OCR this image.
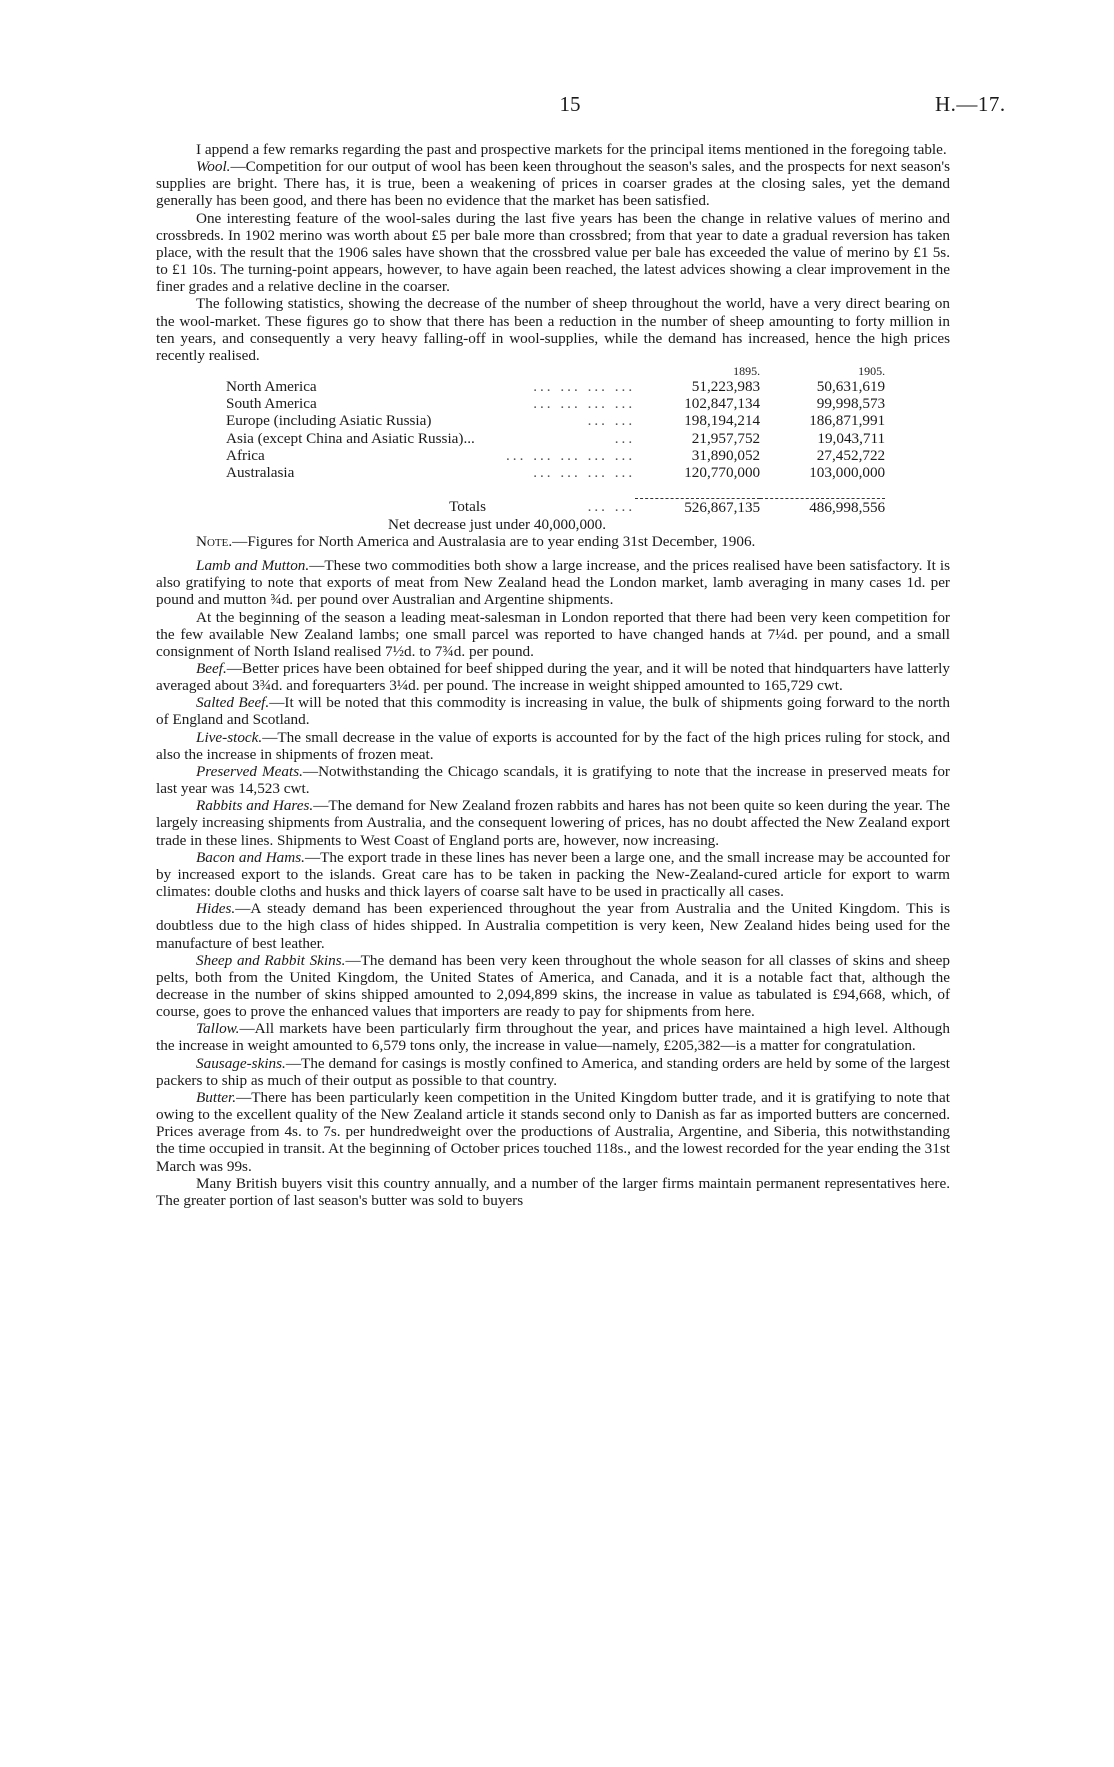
15	H.—17.

I append a few remarks regarding the past and prospective markets for the principal items mentioned in the foregoing table.

Wool.—Competition for our output of wool has been keen throughout the season's sales, and the prospects for next season's supplies are bright. There has, it is true, been a weakening of prices in coarser grades at the closing sales, yet the demand generally has been good, and there has been no evidence that the market has been satisfied.

One interesting feature of the wool-sales during the last five years has been the change in relative values of merino and crossbreds. In 1902 merino was worth about £5 per bale more than crossbred; from that year to date a gradual reversion has taken place, with the result that the 1906 sales have shown that the crossbred value per bale has exceeded the value of merino by £1 5s. to £1 10s. The turning-point appears, however, to have again been reached, the latest advices showing a clear improvement in the finer grades and a relative decline in the coarser.

The following statistics, showing the decrease of the number of sheep throughout the world, have a very direct bearing on the wool-market. These figures go to show that there has been a reduction in the number of sheep amounting to forty million in ten years, and consequently a very heavy falling-off in wool-supplies, while the demand has increased, hence the high prices recently realised.

		1895.	1905.
North America	... ... ... ...	51,223,983	50,631,619
South America	... ... ... ...	102,847,134	99,998,573
Europe (including Asiatic Russia)	... ...	198,194,214	186,871,991
Asia (except China and Asiatic Russia)...	...	21,957,752	19,043,711
Africa	... ... ... ... ...	31,890,052	27,452,722
Australasia	... ... ... ...	120,770,000	103,000,000

Totals	... ...	526,867,135	486,998,556

Net decrease just under 40,000,000.

Note.—Figures for North America and Australasia are to year ending 31st December, 1906.

Lamb and Mutton.—These two commodities both show a large increase, and the prices realised have been satisfactory. It is also gratifying to note that exports of meat from New Zealand head the London market, lamb averaging in many cases 1d. per pound and mutton ¾d. per pound over Australian and Argentine shipments.

At the beginning of the season a leading meat-salesman in London reported that there had been very keen competition for the few available New Zealand lambs; one small parcel was reported to have changed hands at 7¼d. per pound, and a small consignment of North Island realised 7½d. to 7¾d. per pound.

Beef.—Better prices have been obtained for beef shipped during the year, and it will be noted that hindquarters have latterly averaged about 3¾d. and forequarters 3¼d. per pound. The increase in weight shipped amounted to 165,729 cwt.

Salted Beef.—It will be noted that this commodity is increasing in value, the bulk of shipments going forward to the north of England and Scotland.

Live-stock.—The small decrease in the value of exports is accounted for by the fact of the high prices ruling for stock, and also the increase in shipments of frozen meat.

Preserved Meats.—Notwithstanding the Chicago scandals, it is gratifying to note that the increase in preserved meats for last year was 14,523 cwt.

Rabbits and Hares.—The demand for New Zealand frozen rabbits and hares has not been quite so keen during the year. The largely increasing shipments from Australia, and the consequent lowering of prices, has no doubt affected the New Zealand export trade in these lines. Shipments to West Coast of England ports are, however, now increasing.

Bacon and Hams.—The export trade in these lines has never been a large one, and the small increase may be accounted for by increased export to the islands. Great care has to be taken in packing the New-Zealand-cured article for export to warm climates: double cloths and husks and thick layers of coarse salt have to be used in practically all cases.

Hides.—A steady demand has been experienced throughout the year from Australia and the United Kingdom. This is doubtless due to the high class of hides shipped. In Australia competition is very keen, New Zealand hides being used for the manufacture of best leather.

Sheep and Rabbit Skins.—The demand has been very keen throughout the whole season for all classes of skins and sheep pelts, both from the United Kingdom, the United States of America, and Canada, and it is a notable fact that, although the decrease in the number of skins shipped amounted to 2,094,899 skins, the increase in value as tabulated is £94,668, which, of course, goes to prove the enhanced values that importers are ready to pay for shipments from here.

Tallow.—All markets have been particularly firm throughout the year, and prices have maintained a high level. Although the increase in weight amounted to 6,579 tons only, the increase in value—namely, £205,382—is a matter for congratulation.

Sausage-skins.—The demand for casings is mostly confined to America, and standing orders are held by some of the largest packers to ship as much of their output as possible to that country.

Butter.—There has been particularly keen competition in the United Kingdom butter trade, and it is gratifying to note that owing to the excellent quality of the New Zealand article it stands second only to Danish as far as imported butters are concerned. Prices average from 4s. to 7s. per hundredweight over the productions of Australia, Argentine, and Siberia, this notwithstanding the time occupied in transit. At the beginning of October prices touched 118s., and the lowest recorded for the year ending the 31st March was 99s.

Many British buyers visit this country annually, and a number of the larger firms maintain permanent representatives here. The greater portion of last season's butter was sold to buyers
